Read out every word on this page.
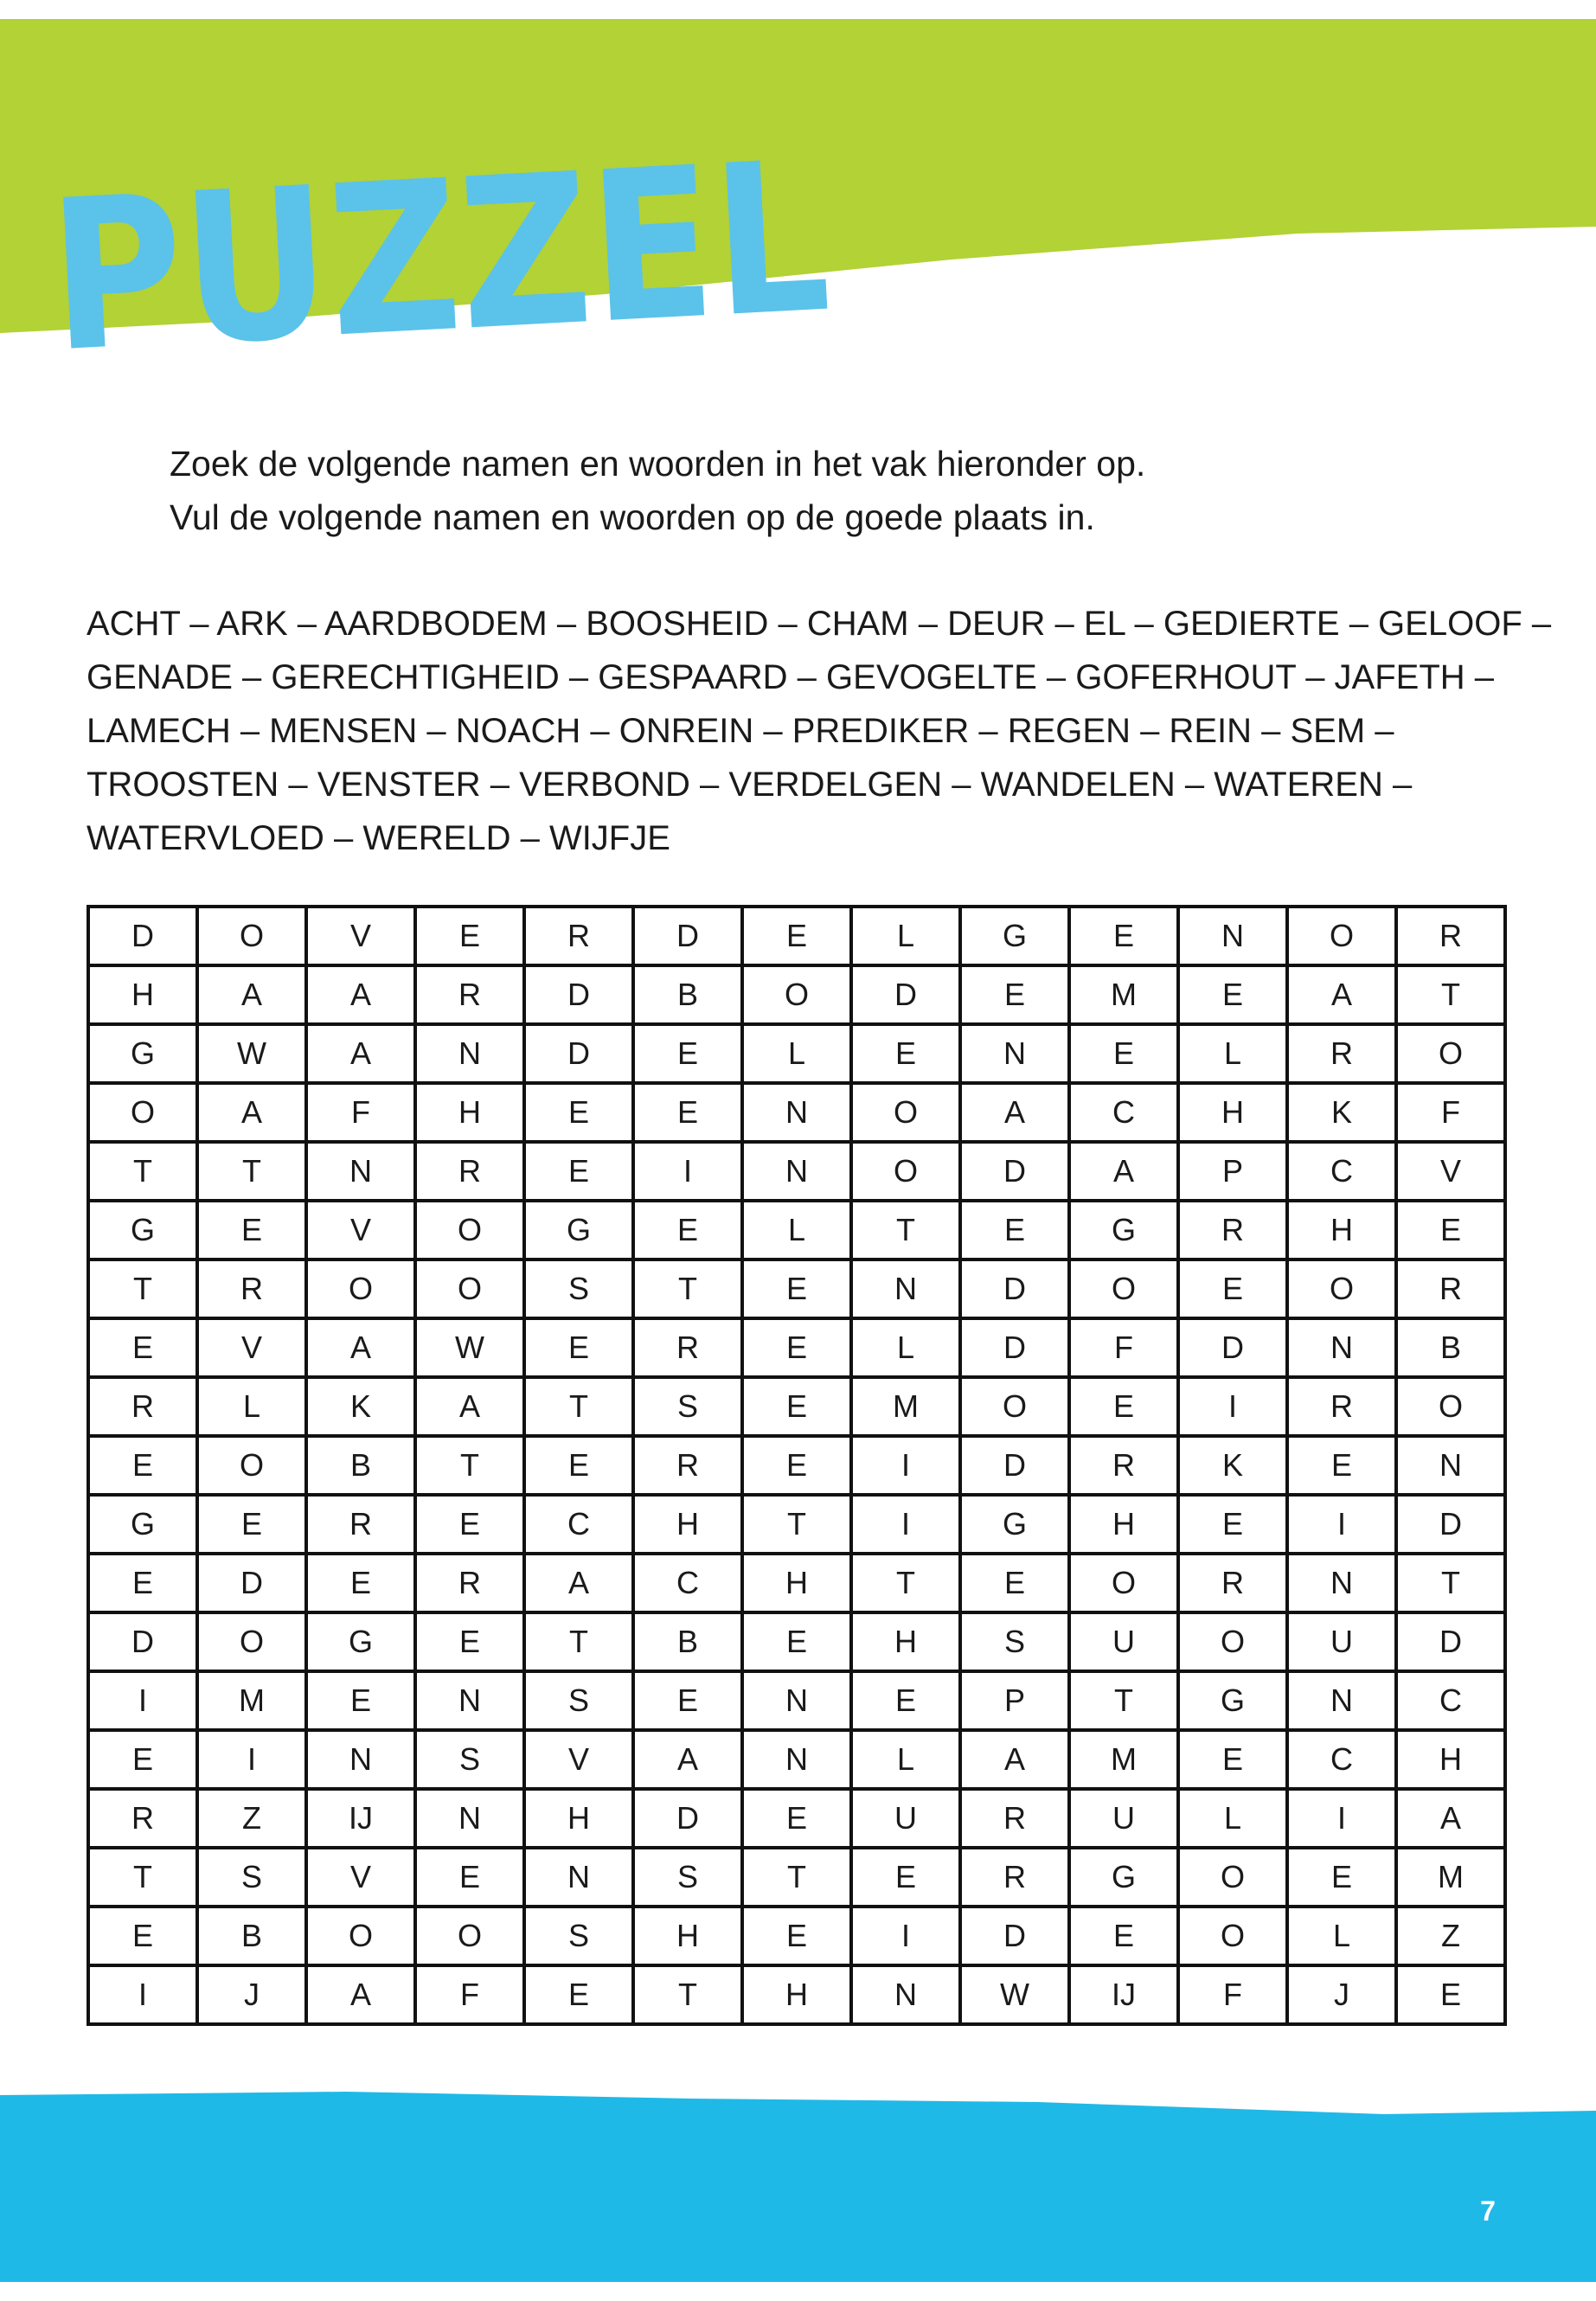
PUZZEL
Zoek de volgende namen en woorden in het vak hieronder op.
Vul de volgende namen en woorden op de goede plaats in.
ACHT – ARK – AARDBODEM – BOOSHEID – CHAM – DEUR – EL – GEDIERTE – GELOOF –
GENADE – GERECHTIGHEID – GESPAARD – GEVOGELTE – GOFERHOUT – JAFETH –
LAMECH – MENSEN – NOACH – ONREIN – PREDIKER – REGEN – REIN – SEM –
TROOSTEN – VENSTER – VERBOND – VERDELGEN – WANDELEN – WATEREN –
WATERVLOED – WERELD – WIJFJE
D	O	V	E	R	D	E	L	G	E	N	O	R
H	A	A	R	D	B	O	D	E	M	E	A	T
G	W	A	N	D	E	L	E	N	E	L	R	O
O	A	F	H	E	E	N	O	A	C	H	K	F
T	T	N	R	E	I	N	O	D	A	P	C	V
G	E	V	O	G	E	L	T	E	G	R	H	E
T	R	O	O	S	T	E	N	D	O	E	O	R
E	V	A	W	E	R	E	L	D	F	D	N	B
R	L	K	A	T	S	E	M	O	E	I	R	O
E	O	B	T	E	R	E	I	D	R	K	E	N
G	E	R	E	C	H	T	I	G	H	E	I	D
E	D	E	R	A	C	H	T	E	O	R	N	T
D	O	G	E	T	B	E	H	S	U	O	U	D
I	M	E	N	S	E	N	E	P	T	G	N	C
E	I	N	S	V	A	N	L	A	M	E	C	H
R	Z	IJ	N	H	D	E	U	R	U	L	I	A
T	S	V	E	N	S	T	E	R	G	O	E	M
E	B	O	O	S	H	E	I	D	E	O	L	Z
I	J	A	F	E	T	H	N	W	IJ	F	J	E
7
